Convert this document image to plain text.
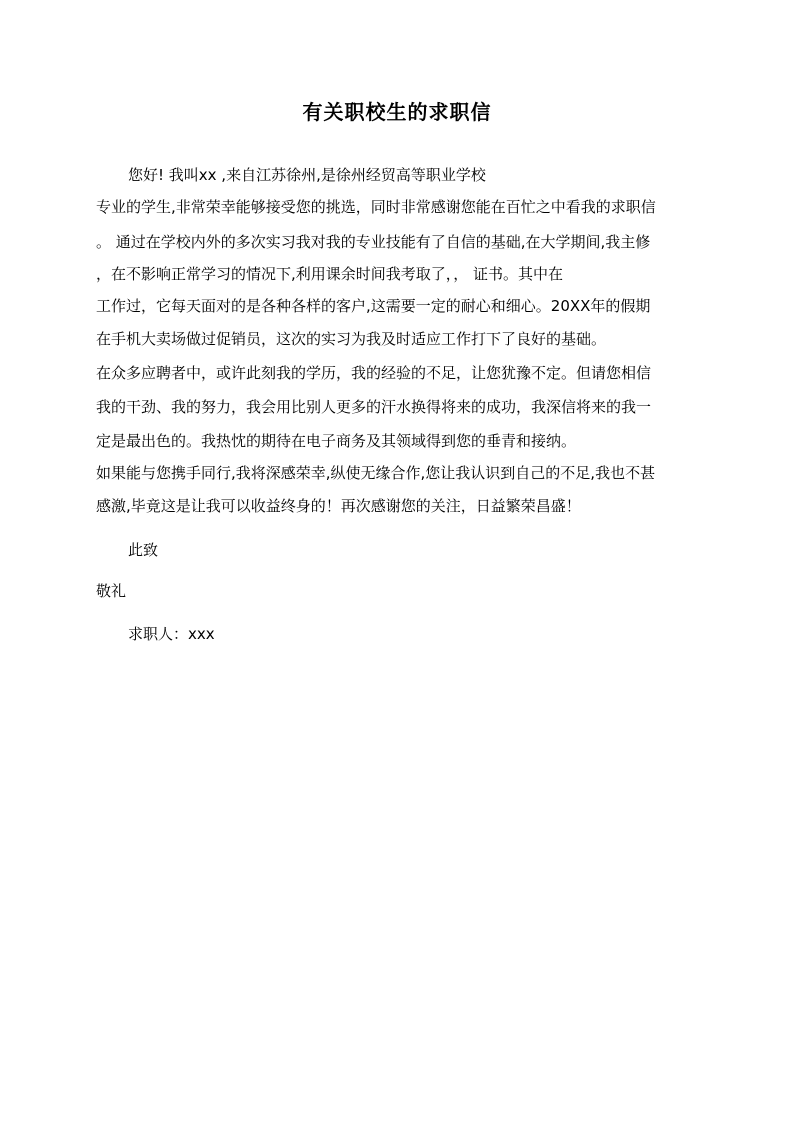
有关职校生的求职信
您好! 我叫xx ,来自江苏徐州,是徐州经贸高等职业学校
专业的学生,非常荣幸能够接受您的挑选，同时非常感谢您能在百忙之中看我的求职信
。 通过在学校内外的多次实习我对我的专业技能有了自信的基础,在大学期间,我主修
，在不影响正常学习的情况下,利用课余时间我考取了，， 证书。其中在
工作过，它每天面对的是各种各样的客户,这需要一定的耐心和细心。20XX年的假期
在手机大卖场做过促销员，这次的实习为我及时适应工作打下了良好的基础。
在众多应聘者中，或许此刻我的学历，我的经验的不足，让您犹豫不定。但请您相信
我的干劲、我的努力，我会用比别人更多的汗水换得将来的成功，我深信将来的我一
定是最出色的。我热忱的期待在电子商务及其领域得到您的垂青和接纳。
如果能与您携手同行,我将深感荣幸,纵使无缘合作,您让我认识到自己的不足,我也不甚
感激,毕竟这是让我可以收益终身的！再次感谢您的关注，日益繁荣昌盛！
此致
敬礼
求职人：xxx
